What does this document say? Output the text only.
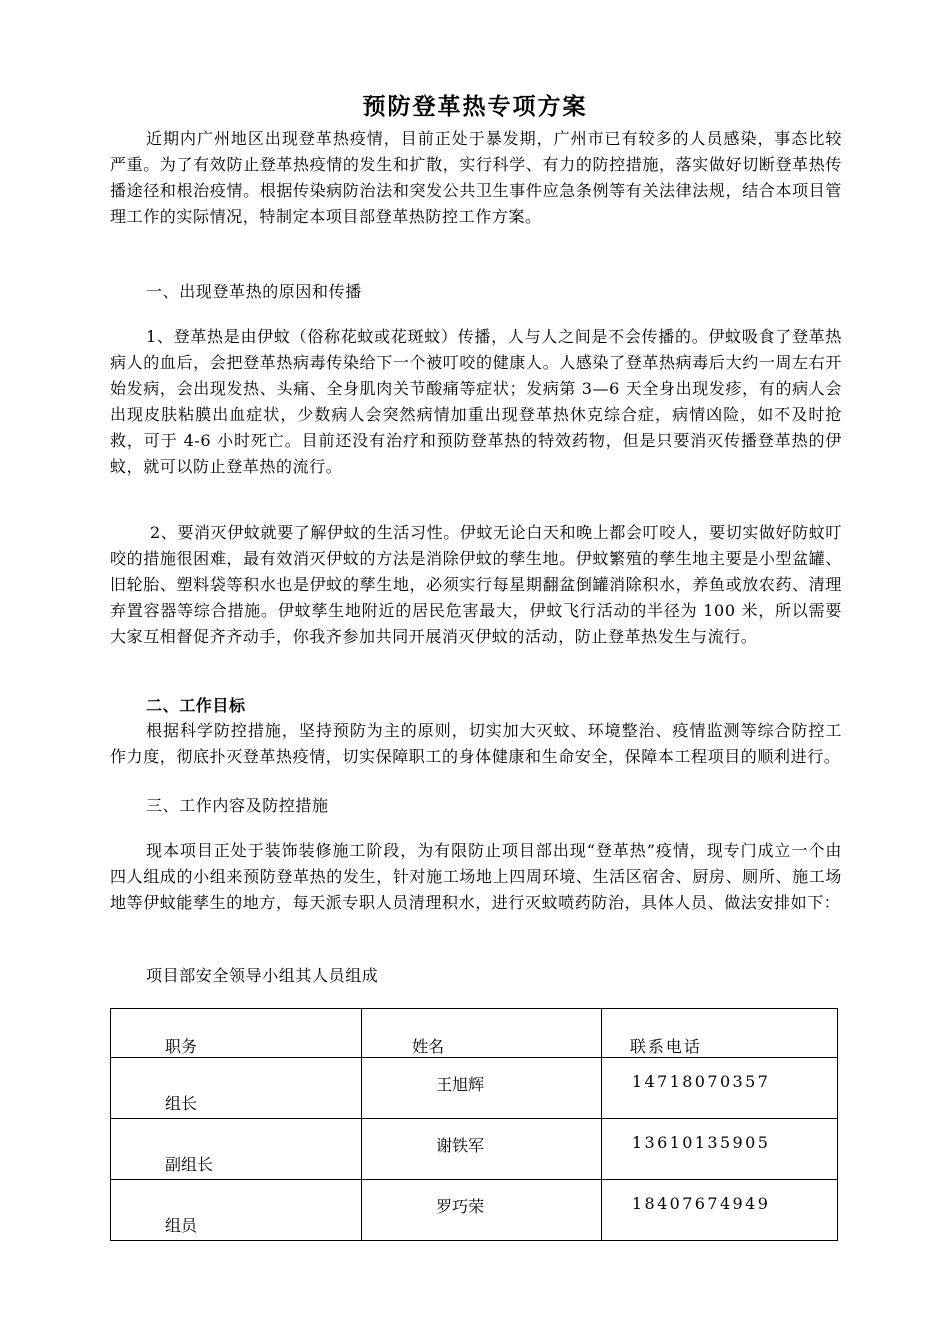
预防登革热专项方案

近期内广州地区出现登革热疫情，目前正处于暴发期，广州市已有较多的人员感染，事态比较严重。为了有效防止登革热疫情的发生和扩散，实行科学、有力的防控措施，落实做好切断登革热传播途径和根治疫情。根据传染病防治法和突发公共卫生事件应急条例等有关法律法规，结合本项目管理工作的实际情况，特制定本项目部登革热防控工作方案。

一、出现登革热的原因和传播

1、登革热是由伊蚊（俗称花蚊或花斑蚊）传播，人与人之间是不会传播的。伊蚊吸食了登革热病人的血后，会把登革热病毒传染给下一个被叮咬的健康人。人感染了登革热病毒后大约一周左右开始发病，会出现发热、头痛、全身肌肉关节酸痛等症状；发病第 3—6 天全身出现发疹，有的病人会出现皮肤粘膜出血症状，少数病人会突然病情加重出现登革热休克综合症，病情凶险，如不及时抢救，可于 4-6 小时死亡。目前还没有治疗和预防登革热的特效药物，但是只要消灭传播登革热的伊蚊，就可以防止登革热的流行。

2、要消灭伊蚊就要了解伊蚊的生活习性。伊蚊无论白天和晚上都会叮咬人，要切实做好防蚊叮咬的措施很困难，最有效消灭伊蚊的方法是消除伊蚊的孳生地。伊蚊繁殖的孳生地主要是小型盆罐、旧轮胎、塑料袋等积水也是伊蚊的孳生地，必须实行每星期翻盆倒罐消除积水，养鱼或放农药、清理弃置容器等综合措施。伊蚊孳生地附近的居民危害最大，伊蚊飞行活动的半径为 100 米，所以需要大家互相督促齐齐动手，你我齐参加共同开展消灭伊蚊的活动，防止登革热发生与流行。

二、工作目标

根据科学防控措施，坚持预防为主的原则，切实加大灭蚊、环境整治、疫情监测等综合防控工作力度，彻底扑灭登革热疫情，切实保障职工的身体健康和生命安全，保障本工程项目的顺利进行。

三、工作内容及防控措施

现本项目正处于装饰装修施工阶段，为有限防止项目部出现“登革热”疫情，现专门成立一个由四人组成的小组来预防登革热的发生，针对施工场地上四周环境、生活区宿舍、厨房、厕所、施工场地等伊蚊能孳生的地方，每天派专职人员清理积水，进行灭蚊喷药防治，具体人员、做法安排如下：

项目部安全领导小组其人员组成
职务	姓名	联系电话
组长	王旭辉	14718070357
副组长	谢铁军	13610135905
组员	罗巧荣	18407674949
